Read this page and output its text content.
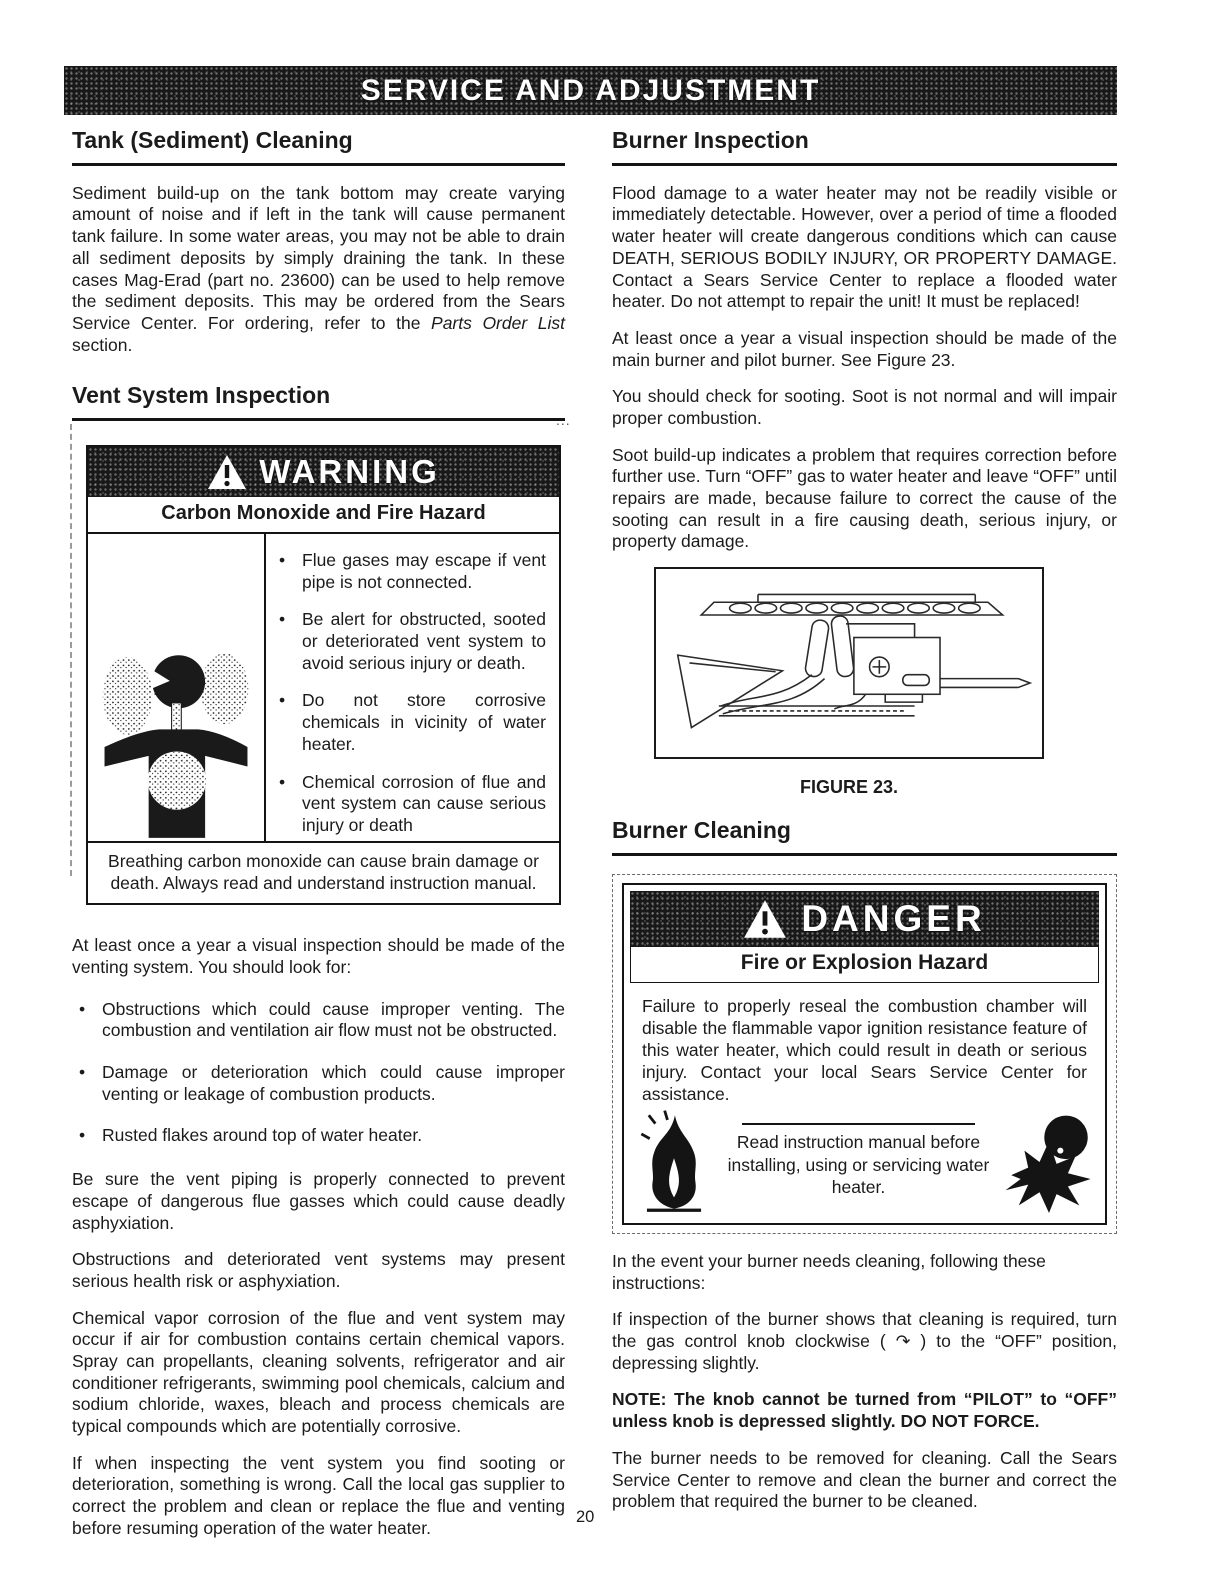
SERVICE AND ADJUSTMENT
...
Tank (Sediment) Cleaning
Sediment build-up on the tank bottom may create varying amount of noise and if left in the tank will cause permanent tank failure. In some water areas, you may not be able to drain all sediment deposits by simply draining the tank. In these cases Mag-Erad (part no. 23600) can be used to help remove the sediment deposits. This may be ordered from the Sears Service Center. For ordering, refer to the Parts Order List section.
Vent System Inspection
WARNING
Carbon Monoxide and Fire Hazard
• Flue gases may escape if vent pipe is not connected.
• Be alert for obstructed, sooted or deteriorated vent system to avoid serious injury or death.
• Do not store corrosive chemicals in vicinity of water heater.
• Chemical corrosion of flue and vent system can cause serious injury or death
Breathing carbon monoxide can cause brain damage or death. Always read and understand instruction manual.
At least once a year a visual inspection should be made of the venting system. You should look for:
• Obstructions which could cause improper venting. The combustion and ventilation air flow must not be obstructed.
• Damage or deterioration which could cause improper venting or leakage of combustion products.
• Rusted flakes around top of water heater.
Be sure the vent piping is properly connected to prevent escape of dangerous flue gasses which could cause deadly asphyxiation.
Obstructions and deteriorated vent systems may present serious health risk or asphyxiation.
Chemical vapor corrosion of the flue and vent system may occur if air for combustion contains certain chemical vapors. Spray can propellants, cleaning solvents, refrigerator and air conditioner refrigerants, swimming pool chemicals, calcium and sodium chloride, waxes, bleach and process chemicals are typical compounds which are potentially corrosive.
If when inspecting the vent system you find sooting or deterioration, something is wrong. Call the local gas supplier to correct the problem and clean or replace the flue and venting before resuming operation of the water heater.
Burner Inspection
Flood damage to a water heater may not be readily visible or immediately detectable. However, over a period of time a flooded water heater will create dangerous conditions which can cause DEATH, SERIOUS BODILY INJURY, OR PROPERTY DAMAGE. Contact a Sears Service Center to replace a flooded water heater. Do not attempt to repair the unit! It must be replaced!
At least once a year a visual inspection should be made of the main burner and pilot burner. See Figure 23.
You should check for sooting. Soot is not normal and will impair proper combustion.
Soot build-up indicates a problem that requires correction before further use. Turn “OFF” gas to water heater and leave “OFF” until repairs are made, because failure to correct the cause of the sooting can result in a fire causing death, serious injury, or property damage.
FIGURE 23.
Burner Cleaning
DANGER
Fire or Explosion Hazard
Failure to properly reseal the combustion chamber will disable the flammable vapor ignition resistance feature of this water heater, which could result in death or serious injury. Contact your local Sears Service Center for assistance.
Read instruction manual before installing, using or servicing water heater.
In the event your burner needs cleaning, following these instructions:
If inspection of the burner shows that cleaning is required, turn the gas control knob clockwise ( ↷ ) to the “OFF” position, depressing slightly.
NOTE: The knob cannot be turned from “PILOT” to “OFF” unless knob is depressed slightly. DO NOT FORCE.
The burner needs to be removed for cleaning. Call the Sears Service Center to remove and clean the burner and correct the problem that required the burner to be cleaned.
20
